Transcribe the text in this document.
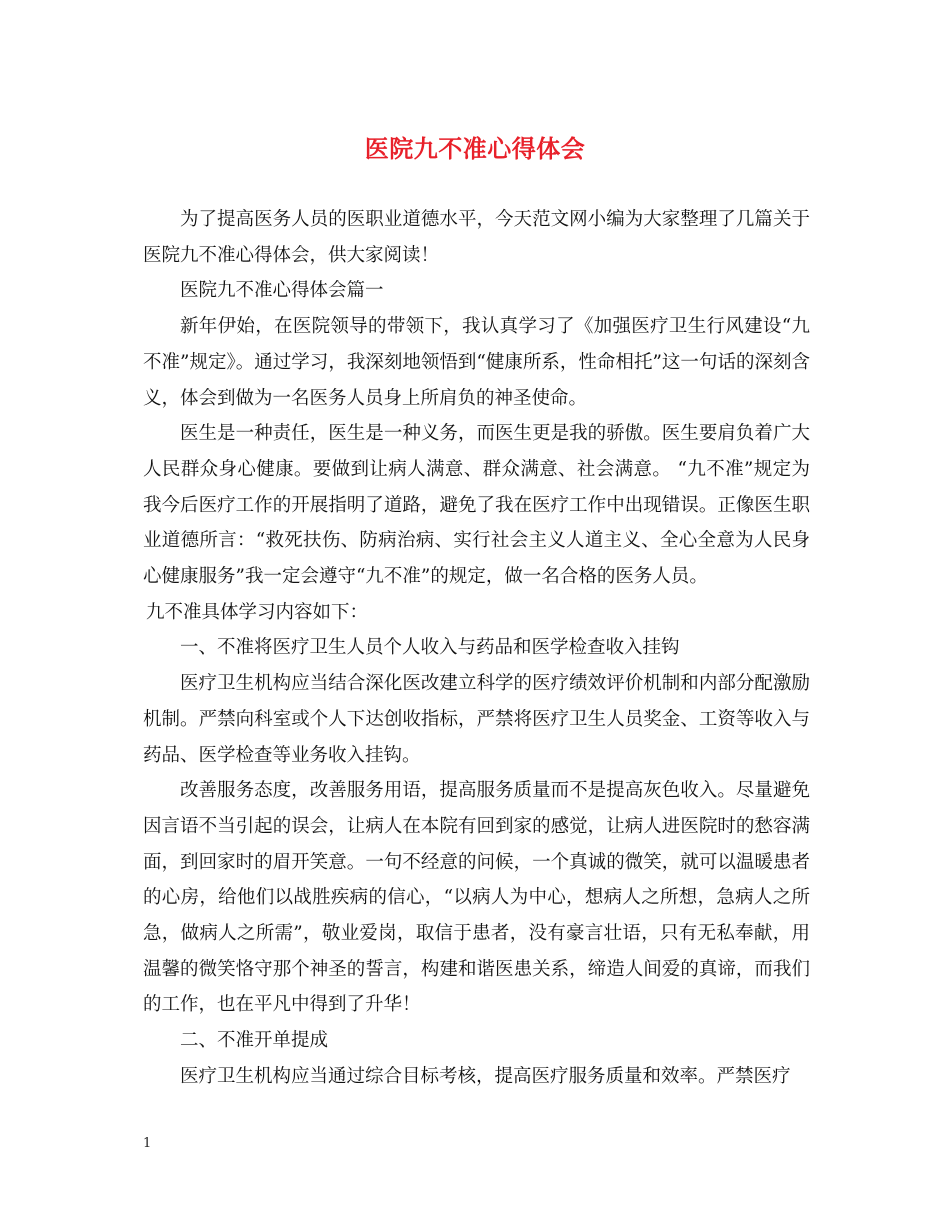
医院九不准心得体会

为了提高医务人员的医职业道德水平，今天范文网小编为大家整理了几篇关于医院九不准心得体会，供大家阅读！

医院九不准心得体会篇一

新年伊始，在医院领导的带领下，我认真学习了《加强医疗卫生行风建设“九不准”规定》。通过学习，我深刻地领悟到“健康所系，性命相托”这一句话的深刻含义，体会到做为一名医务人员身上所肩负的神圣使命。

医生是一种责任，医生是一种义务，而医生更是我的骄傲。医生要肩负着广大人民群众身心健康。要做到让病人满意、群众满意、社会满意。 “九不准”规定为我今后医疗工作的开展指明了道路，避免了我在医疗工作中出现错误。正像医生职业道德所言：“救死扶伤、防病治病、实行社会主义人道主义、全心全意为人民身心健康服务”我一定会遵守“九不准”的规定，做一名合格的医务人员。

九不准具体学习内容如下：

一、不准将医疗卫生人员个人收入与药品和医学检查收入挂钩

医疗卫生机构应当结合深化医改建立科学的医疗绩效评价机制和内部分配激励机制。严禁向科室或个人下达创收指标，严禁将医疗卫生人员奖金、工资等收入与药品、医学检查等业务收入挂钩。

改善服务态度，改善服务用语，提高服务质量而不是提高灰色收入。尽量避免因言语不当引起的误会，让病人在本院有回到家的感觉，让病人进医院时的愁容满面，到回家时的眉开笑意。一句不经意的问候，一个真诚的微笑，就可以温暖患者的心房，给他们以战胜疾病的信心，“以病人为中心，想病人之所想，急病人之所急，做病人之所需”，敬业爱岗，取信于患者，没有豪言壮语，只有无私奉献，用温馨的微笑恪守那个神圣的誓言，构建和谐医患关系，缔造人间爱的真谛，而我们的工作，也在平凡中得到了升华！

二、不准开单提成

医疗卫生机构应当通过综合目标考核，提高医疗服务质量和效率。严禁医疗

1
